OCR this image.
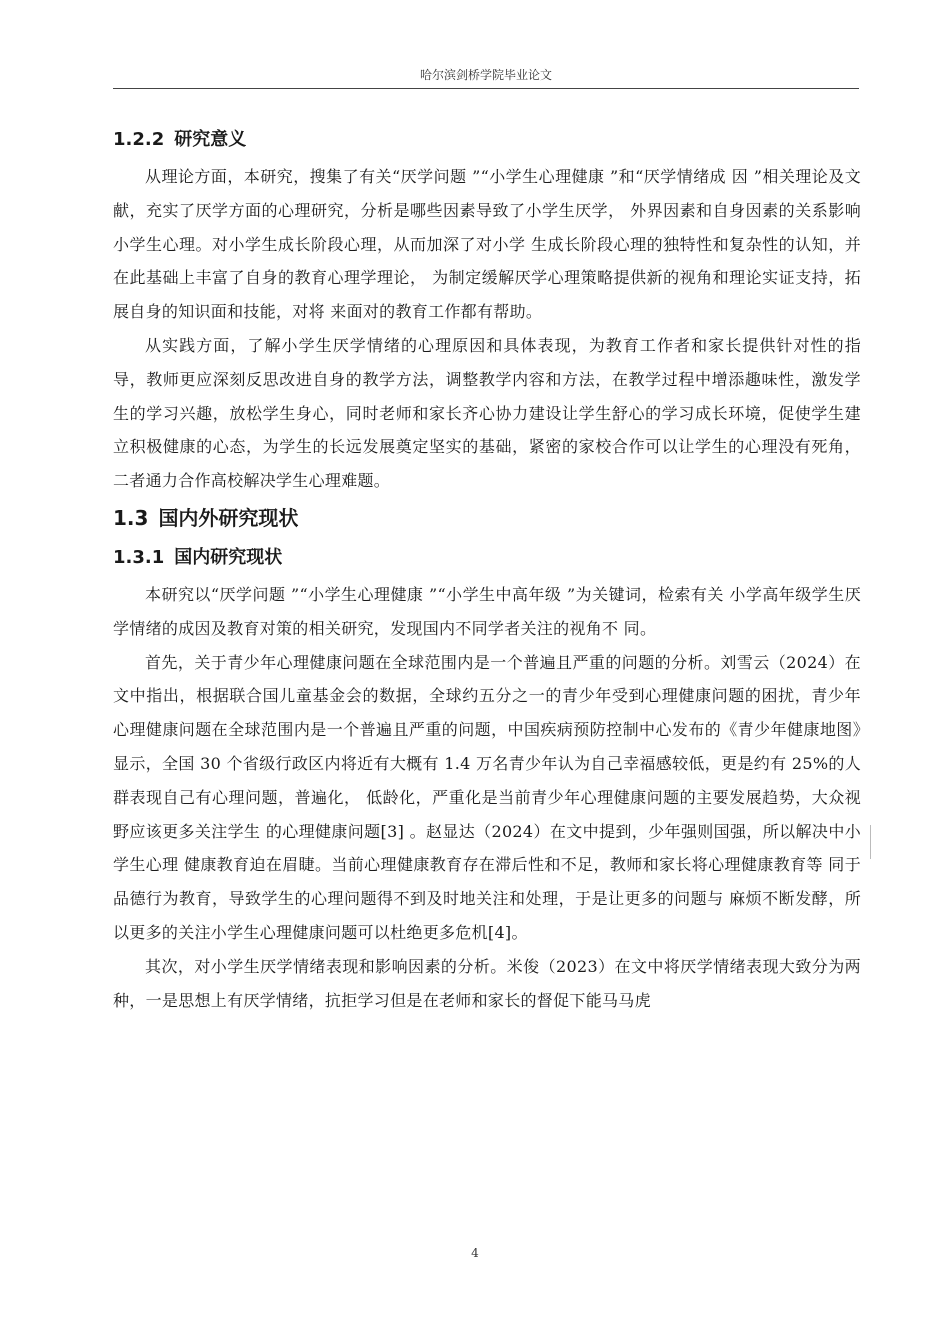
哈尔滨剑桥学院毕业论文
1.2.2 研究意义

从理论方面，本研究，搜集了有关“厌学问题 ”“小学生心理健康 ”和“厌学情绪成 因 ”相关理论及文献，充实了厌学方面的心理研究，分析是哪些因素导致了小学生厌学， 外界因素和自身因素的关系影响小学生心理。对小学生成长阶段心理，从而加深了对小学 生成长阶段心理的独特性和复杂性的认知，并在此基础上丰富了自身的教育心理学理论， 为制定缓解厌学心理策略提供新的视角和理论实证支持，拓展自身的知识面和技能，对将 来面对的教育工作都有帮助。

从实践方面，了解小学生厌学情绪的心理原因和具体表现，为教育工作者和家长提供针对性的指导，教师更应深刻反思改进自身的教学方法，调整教学内容和方法，在教学过程中增添趣味性，激发学生的学习兴趣，放松学生身心，同时老师和家长齐心协力建设让学生舒心的学习成长环境，促使学生建立积极健康的心态，为学生的长远发展奠定坚实的基础，紧密的家校合作可以让学生的心理没有死角，二者通力合作高校解决学生心理难题。

1.3 国内外研究现状
1.3.1 国内研究现状

本研究以“厌学问题 ”“小学生心理健康 ”“小学生中高年级 ”为关键词，检索有关 小学高年级学生厌学情绪的成因及教育对策的相关研究，发现国内不同学者关注的视角不 同。

首先，关于青少年心理健康问题在全球范围内是一个普遍且严重的问题的分析。刘雪云（2024）在文中指出，根据联合国儿童基金会的数据，全球约五分之一的青少年受到心理健康问题的困扰，青少年心理健康问题在全球范围内是一个普遍且严重的问题，中国疾病预防控制中心发布的《青少年健康地图》显示，全国 30 个省级行政区内将近有大概有 1.4 万名青少年认为自己幸福感较低，更是约有 25%的人群表现自己有心理问题，普遍化， 低龄化，严重化是当前青少年心理健康问题的主要发展趋势，大众视野应该更多关注学生 的心理健康问题[3] 。赵显达（2024）在文中提到，少年强则国强，所以解决中小学生心理 健康教育迫在眉睫。当前心理健康教育存在滞后性和不足，教师和家长将心理健康教育等 同于品德行为教育，导致学生的心理问题得不到及时地关注和处理，于是让更多的问题与 麻烦不断发酵，所以更多的关注小学生心理健康问题可以杜绝更多危机[4]。

其次，对小学生厌学情绪表现和影响因素的分析。米俊（2023）在文中将厌学情绪表现大致分为两种，一是思想上有厌学情绪，抗拒学习但是在老师和家长的督促下能马马虎

4
